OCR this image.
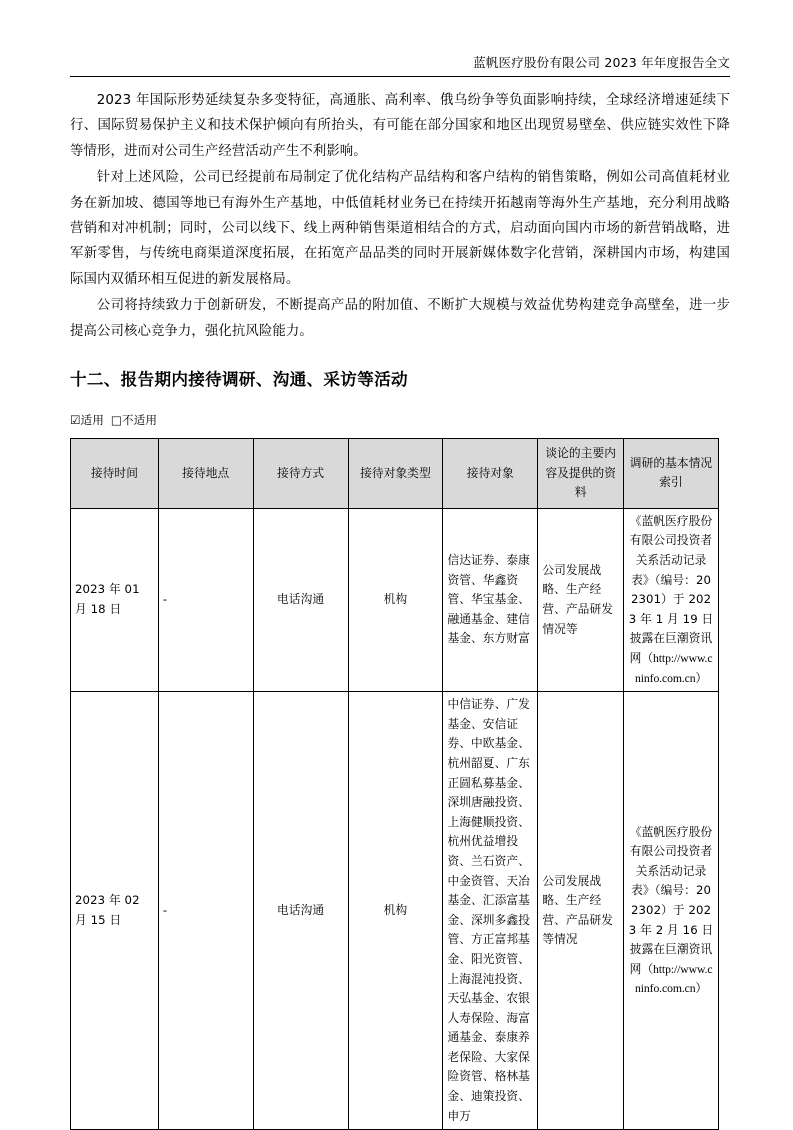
蓝帆医疗股份有限公司 2023 年年度报告全文

2023 年国际形势延续复杂多变特征，高通胀、高利率、俄乌纷争等负面影响持续，全球经济增速延续下行、国际贸易保护主义和技术保护倾向有所抬头，有可能在部分国家和地区出现贸易壁垒、供应链实效性下降等情形，进而对公司生产经营活动产生不利影响。

针对上述风险，公司已经提前布局制定了优化结构产品结构和客户结构的销售策略，例如公司高值耗材业务在新加坡、德国等地已有海外生产基地，中低值耗材业务已在持续开拓越南等海外生产基地，充分利用战略营销和对冲机制；同时，公司以线下、线上两种销售渠道相结合的方式，启动面向国内市场的新营销战略，进军新零售，与传统电商渠道深度拓展，在拓宽产品品类的同时开展新媒体数字化营销，深耕国内市场，构建国际国内双循环相互促进的新发展格局。

公司将持续致力于创新研发，不断提高产品的附加值、不断扩大规模与效益优势构建竞争高壁垒，进一步提高公司核心竞争力，强化抗风险能力。

十二、报告期内接待调研、沟通、采访等活动
☑适用 □不适用
接待时间	接待地点	接待方式	接待对象类型	接待对象	谈论的主要内容及提供的资料	调研的基本情况索引
2023 年 01 月 18 日	-	电话沟通	机构	信达证券、泰康资管、华鑫资管、华宝基金、融通基金、建信基金、东方财富	公司发展战略、生产经营、产品研发情况等	《蓝帆医疗股份有限公司投资者关系活动记录表》（编号：202301）于 2023 年 1 月 19 日披露在巨潮资讯网（http://www.cninfo.com.cn）
2023 年 02 月 15 日	-	电话沟通	机构	中信证券、广发基金、安信证券、中欧基金、杭州韶夏、广东正圆私募基金、深圳唐融投资、上海健顺投资、杭州优益增投资、兰石资产、中金资管、天冶基金、汇添富基金、深圳多鑫投管、方正富邦基金、阳光资管、上海混沌投资、天弘基金、农银人寿保险、海富通基金、泰康养老保险、大家保险资管、格林基金、迪策投资、申万	公司发展战略、生产经营、产品研发等情况	《蓝帆医疗股份有限公司投资者关系活动记录表》（编号：202302）于 2023 年 2 月 16 日披露在巨潮资讯网（http://www.cninfo.com.cn）
